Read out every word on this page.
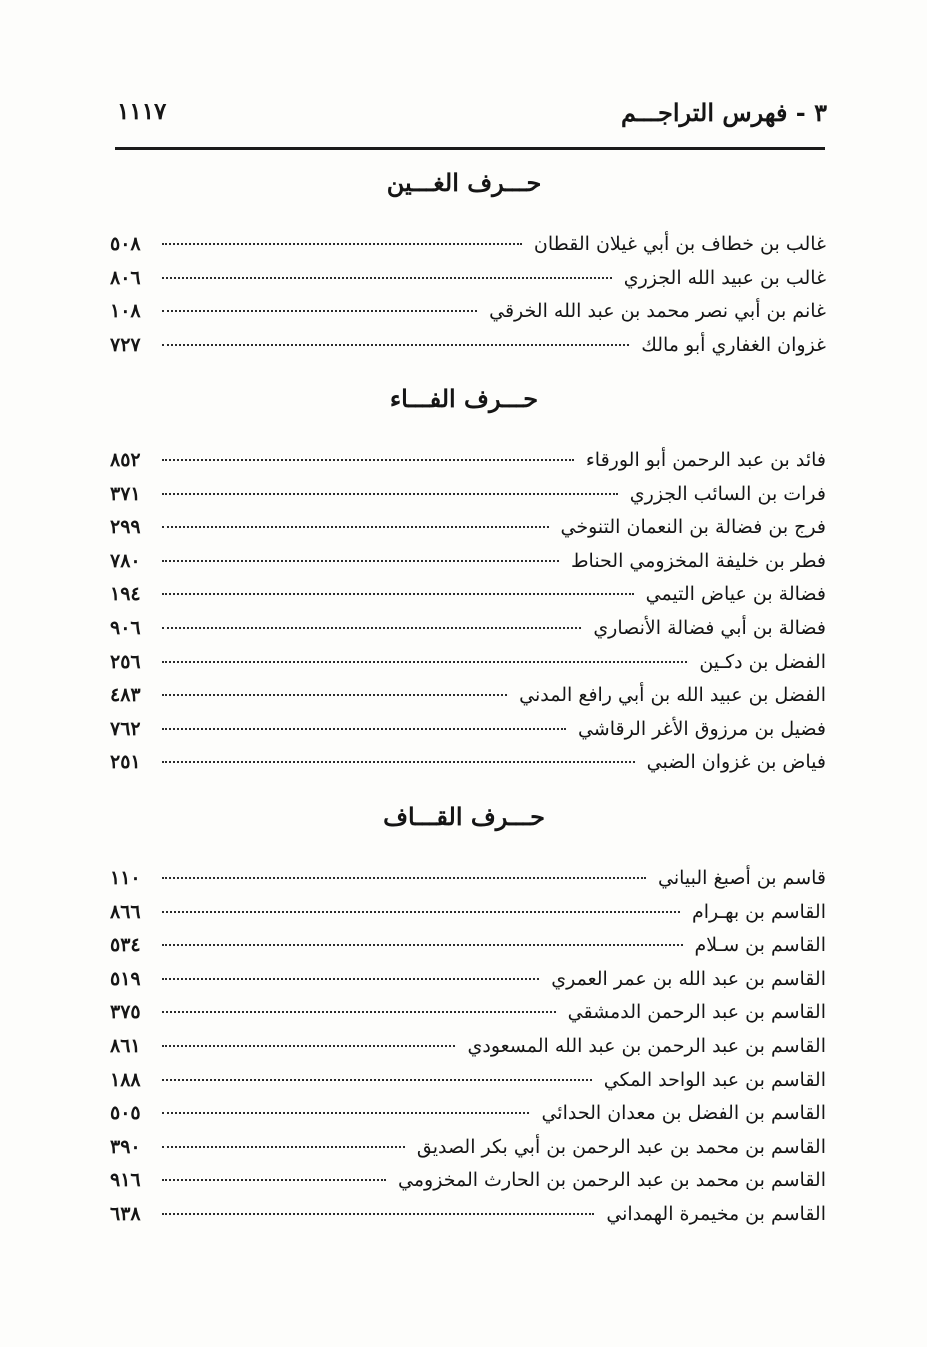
٣ - فهرس التراجـــم
١١١٧
حـــرف الغـــين
غالب بن خطاف بن أبي غيلان القطان
٥٠٨
غالب بن عبيد الله الجزري
٨٠٦
غانم بن أبي نصر محمد بن عبد الله الخرقي
١٠٨
غزوان الغفاري أبو مالك
٧٢٧
حـــرف الفـــاء
فائد بن عبد الرحمن أبو الورقاء
٨٥٢
فرات بن السائب الجزري
٣٧١
فرج بن فضالة بن النعمان التنوخي
٢٩٩
فطر بن خليفة المخزومي الحناط
٧٨٠
فضالة بن عياض التيمي
١٩٤
فضالة بن أبي فضالة الأنصاري
٩٠٦
الفضل بن دكـين
٢٥٦
الفضل بن عبيد الله بن أبي رافع المدني
٤٨٣
فضيل بن مرزوق الأغر الرقاشي
٧٦٢
فياض بن غزوان الضبي
٢٥١
حـــرف القـــاف
قاسم بن أصبغ البياني
١١٠
القاسم بن بهـرام
٨٦٦
القاسم بن سـلام
٥٣٤
القاسم بن عبد الله بن عمر العمري
٥١٩
القاسم بن عبد الرحمن الدمشقي
٣٧٥
القاسم بن عبد الرحمن بن عبد الله المسعودي
٨٦١
القاسم بن عبد الواحد المكي
١٨٨
القاسم بن الفضل بن معدان الحدائي
٥٠٥
القاسم بن محمد بن عبد الرحمن بن أبي بكر الصديق
٣٩٠
القاسم بن محمد بن عبد الرحمن بن الحارث المخزومي
٩١٦
القاسم بن مخيمرة الهمداني
٦٣٨
